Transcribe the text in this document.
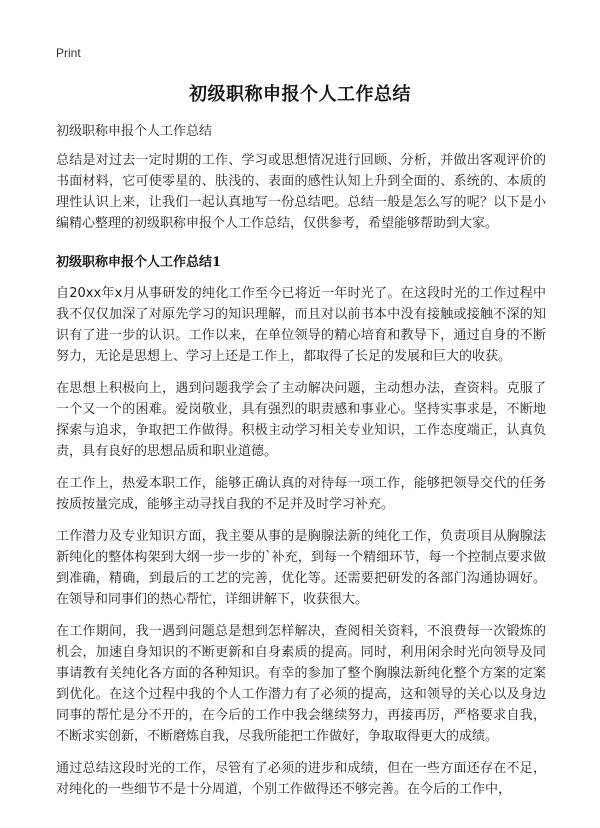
Print
初级职称申报个人工作总结
初级职称申报个人工作总结

总结是对过去一定时期的工作、学习或思想情况进行回顾、分析，并做出客观评价的书面材料，它可使零星的、肤浅的、表面的感性认知上升到全面的、系统的、本质的理性认识上来，让我们一起认真地写一份总结吧。总结一般是怎么写的呢？以下是小编精心整理的初级职称申报个人工作总结，仅供参考，希望能够帮助到大家。

初级职称申报个人工作总结1

自20xx年x月从事研发的纯化工作至今已将近一年时光了。在这段时光的工作过程中我不仅仅加深了对原先学习的知识理解，而且对以前书本中没有接触或接触不深的知识有了进一步的认识。工作以来，在单位领导的精心培育和教导下，通过自身的不断努力，无论是思想上、学习上还是工作上，都取得了长足的发展和巨大的收获。

在思想上积极向上，遇到问题我学会了主动解决问题，主动想办法，查资料。克服了一个又一个的困难。爱岗敬业，具有强烈的职责感和事业心。坚持实事求是，不断地探索与追求，争取把工作做得。积极主动学习相关专业知识，工作态度端正，认真负责，具有良好的思想品质和职业道德。

在工作上，热爱本职工作，能够正确认真的对待每一项工作，能够把领导交代的任务按质按量完成，能够主动寻找自我的不足并及时学习补充。

工作潜力及专业知识方面，我主要从事的是胸腺法新的纯化工作，负责项目从胸腺法新纯化的整体构架到大纲一步一步的`补充，到每一个精细环节，每一个控制点要求做到准确，精确，到最后的工艺的完善，优化等。还需要把研发的各部门沟通协调好。在领导和同事们的热心帮忙，详细讲解下，收获很大。

在工作期间，我一遇到问题总是想到怎样解决，查阅相关资料，不浪费每一次锻炼的机会，加速自身知识的不断更新和自身素质的提高。同时，利用闲余时光向领导及同事请教有关纯化各方面的各种知识。有幸的参加了整个胸腺法新纯化整个方案的定案到优化。在这个过程中我的个人工作潜力有了必须的提高，这和领导的关心以及身边同事的帮忙是分不开的，在今后的工作中我会继续努力，再接再厉，严格要求自我，不断求实创新，不断磨炼自我，尽我所能把工作做好，争取取得更大的成绩。

通过总结这段时光的工作，尽管有了必须的进步和成绩，但在一些方面还存在不足，对纯化的一些细节不是十分周道，个别工作做得还不够完善。在今后的工作中，
